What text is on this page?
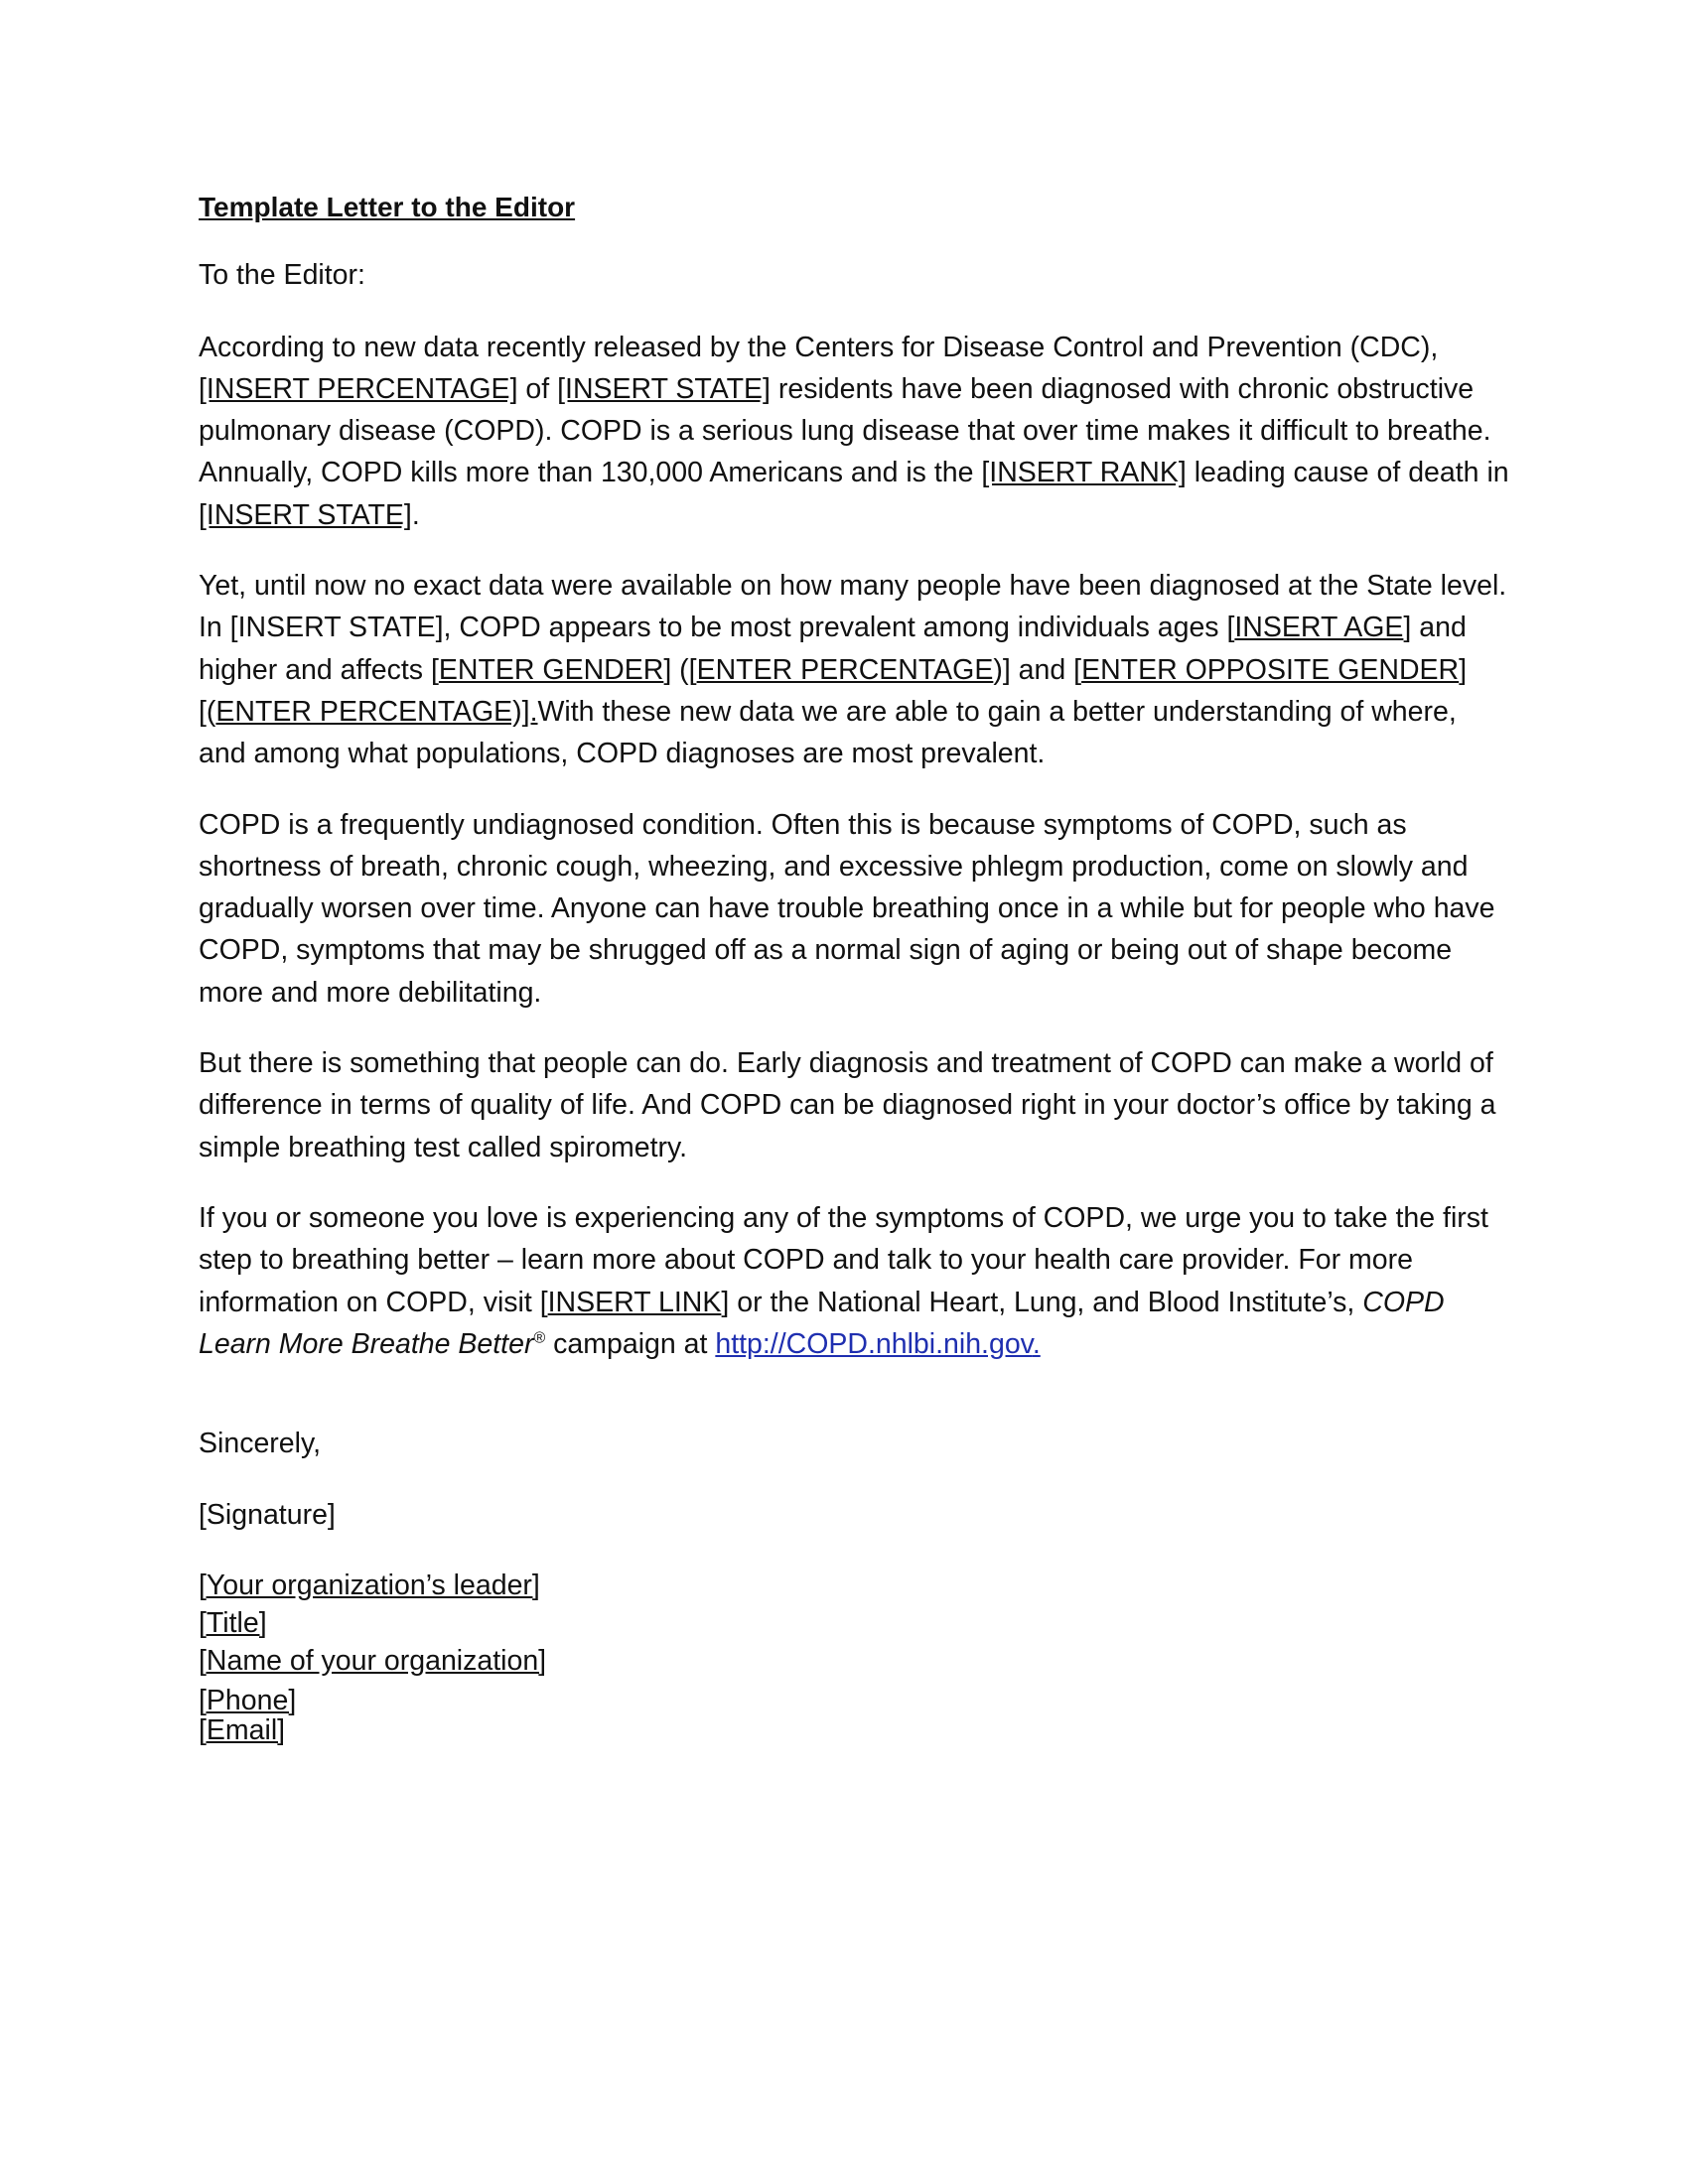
Template Letter to the Editor

To the Editor:

According to new data recently released by the Centers for Disease Control and Prevention (CDC), [INSERT PERCENTAGE] of [INSERT STATE] residents have been diagnosed with chronic obstructive pulmonary disease (COPD). COPD is a serious lung disease that over time makes it difficult to breathe. Annually, COPD kills more than 130,000 Americans and is the [INSERT RANK] leading cause of death in [INSERT STATE].

Yet, until now no exact data were available on how many people have been diagnosed at the State level. In [INSERT STATE], COPD appears to be most prevalent among individuals ages [INSERT AGE] and higher and affects [ENTER GENDER] ([ENTER PERCENTAGE)] and [ENTER OPPOSITE GENDER] [(ENTER PERCENTAGE)].With these new data we are able to gain a better understanding of where, and among what populations, COPD diagnoses are most prevalent.

COPD is a frequently undiagnosed condition. Often this is because symptoms of COPD, such as shortness of breath, chronic cough, wheezing, and excessive phlegm production, come on slowly and gradually worsen over time. Anyone can have trouble breathing once in a while but for people who have COPD, symptoms that may be shrugged off as a normal sign of aging or being out of shape become more and more debilitating.

But there is something that people can do. Early diagnosis and treatment of COPD can make a world of difference in terms of quality of life. And COPD can be diagnosed right in your doctor’s office by taking a simple breathing test called spirometry.

If you or someone you love is experiencing any of the symptoms of COPD, we urge you to take the first step to breathing better – learn more about COPD and talk to your health care provider. For more information on COPD, visit [INSERT LINK] or the National Heart, Lung, and Blood Institute’s, COPD Learn More Breathe Better® campaign at http://COPD.nhlbi.nih.gov.

Sincerely,

[Signature]

[Your organization’s leader]
[Title]
[Name of your organization]
[Phone]
[Email]
